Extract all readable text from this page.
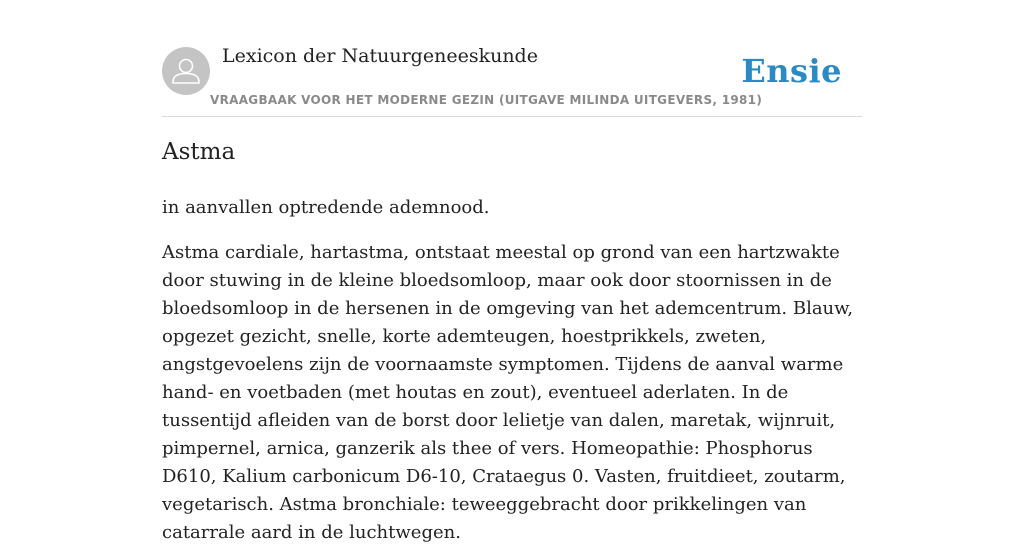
Lexicon der Natuurgeneeskunde
VRAAGBAAK VOOR HET MODERNE GEZIN (UITGAVE MILINDA UITGEVERS, 1981)
Ensie
Astma

in aanvallen optredende ademnood.

Astma cardiale, hartastma, ontstaat meestal op grond van een hartzwakte door stuwing in de kleine bloedsomloop, maar ook door stoornissen in de bloedsomloop in de hersenen in de omgeving van het ademcentrum. Blauw, opgezet gezicht, snelle, korte ademteugen, hoestprikkels, zweten, angstgevoelens zijn de voornaamste symptomen. Tijdens de aanval warme hand- en voetbaden (met houtas en zout), eventueel aderlaten. In de tussentijd afleiden van de borst door lelietje van dalen, maretak, wijnruit, pimpernel, arnica, ganzerik als thee of vers. Homeopathie: Phosphorus D610, Kalium carbonicum D6-10, Crataegus 0. Vasten, fruitdieet, zoutarm, vegetarisch. Astma bronchiale: teweeggebracht door prikkelingen van catarrale aard in de luchtwegen.
